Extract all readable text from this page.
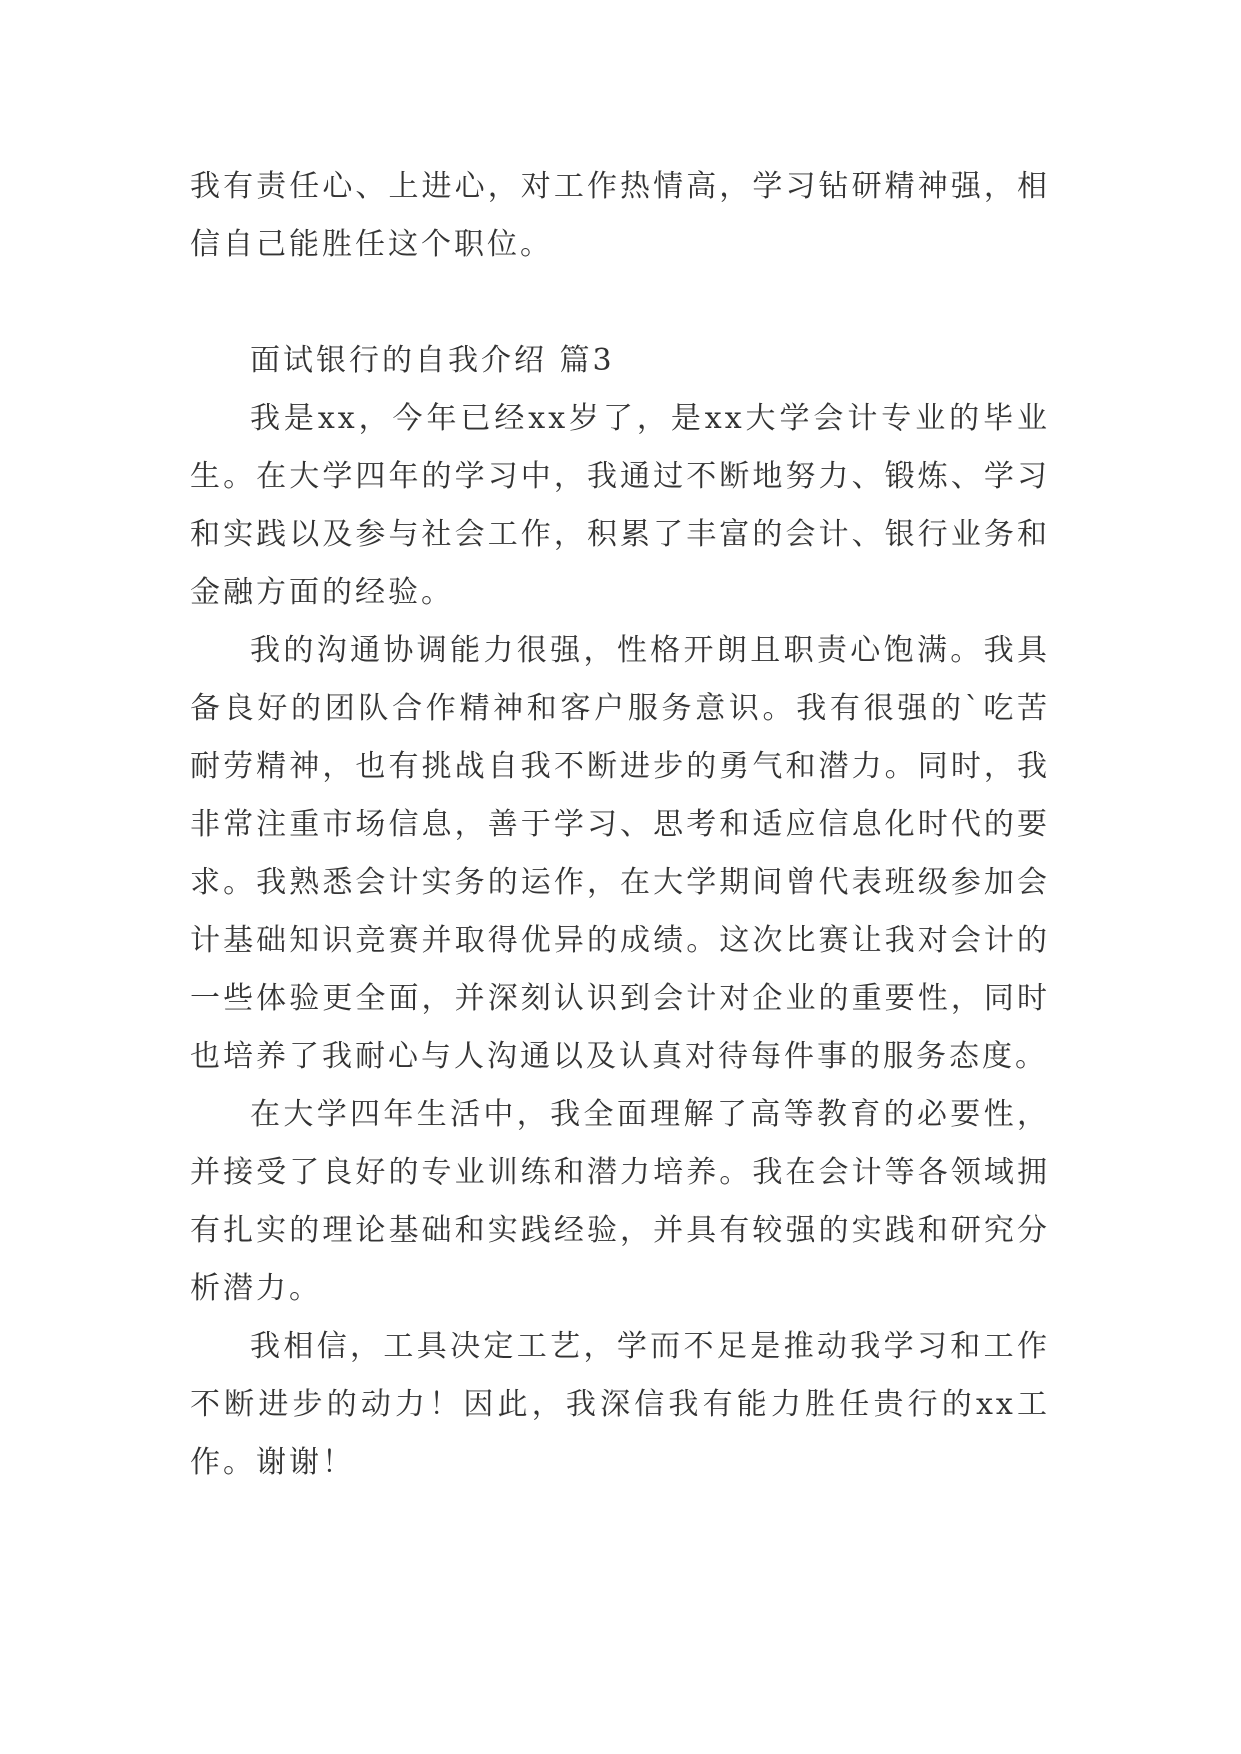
我有责任心、上进心，对工作热情高，学习钻研精神强，相信自己能胜任这个职位。

面试银行的自我介绍 篇3

我是xx，今年已经xx岁了，是xx大学会计专业的毕业生。在大学四年的学习中，我通过不断地努力、锻炼、学习和实践以及参与社会工作，积累了丰富的会计、银行业务和金融方面的经验。

我的沟通协调能力很强，性格开朗且职责心饱满。我具备良好的团队合作精神和客户服务意识。我有很强的`吃苦耐劳精神，也有挑战自我不断进步的勇气和潜力。同时，我非常注重市场信息，善于学习、思考和适应信息化时代的要求。我熟悉会计实务的运作，在大学期间曾代表班级参加会计基础知识竞赛并取得优异的成绩。这次比赛让我对会计的一些体验更全面，并深刻认识到会计对企业的重要性，同时也培养了我耐心与人沟通以及认真对待每件事的服务态度。

在大学四年生活中，我全面理解了高等教育的必要性，并接受了良好的专业训练和潜力培养。我在会计等各领域拥有扎实的理论基础和实践经验，并具有较强的实践和研究分析潜力。

我相信，工具决定工艺，学而不足是推动我学习和工作不断进步的动力！因此，我深信我有能力胜任贵行的xx工作。谢谢！
